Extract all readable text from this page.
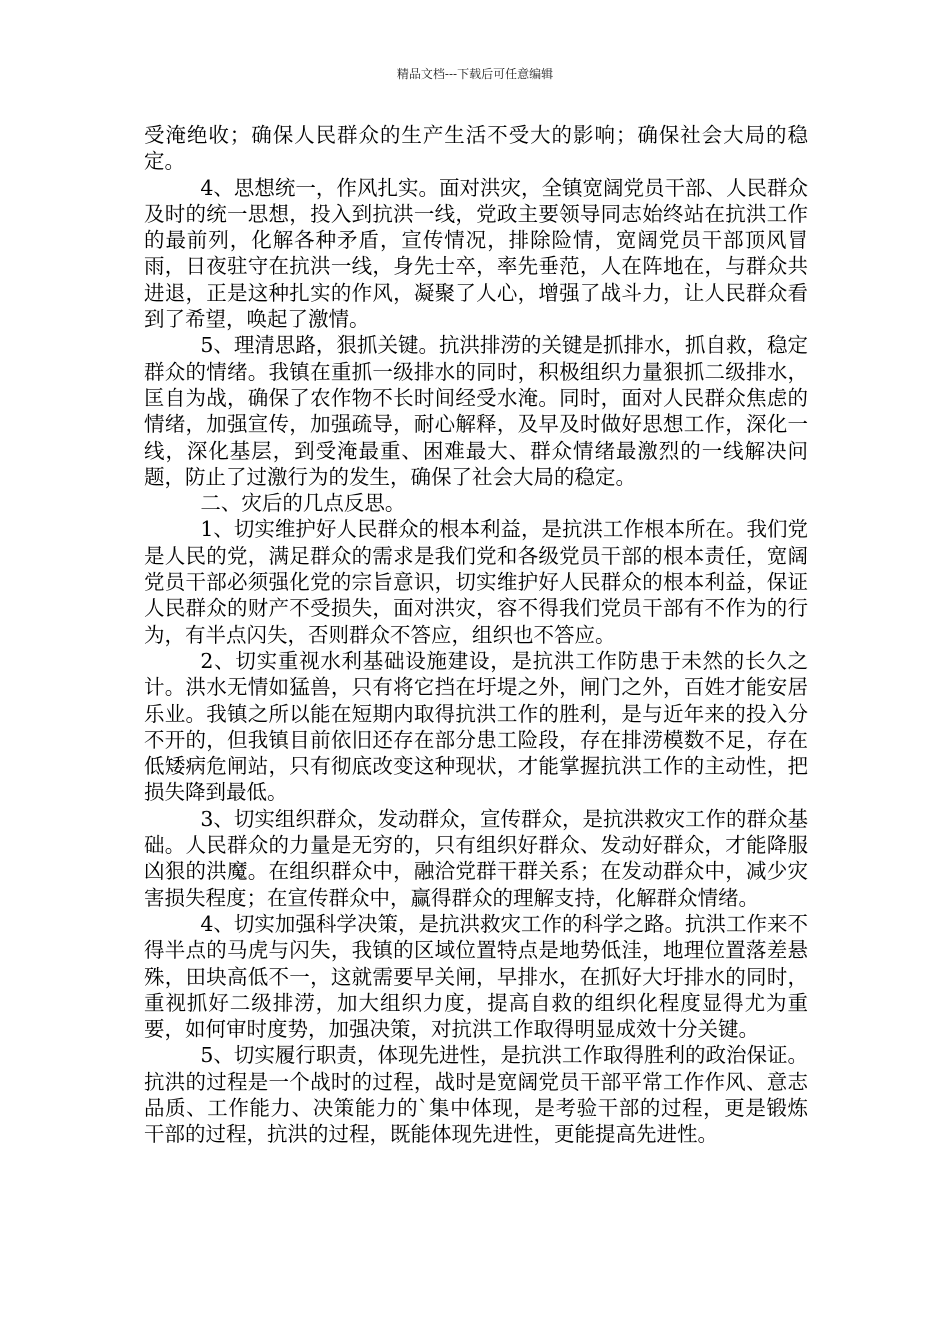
精品文档---下载后可任意编辑

受淹绝收；确保人民群众的生产生活不受大的影响；确保社会大局的稳定。

4、思想统一，作风扎实。面对洪灾，全镇宽阔党员干部、人民群众及时的统一思想，投入到抗洪一线，党政主要领导同志始终站在抗洪工作的最前列，化解各种矛盾，宣传情况，排除险情，宽阔党员干部顶风冒雨，日夜驻守在抗洪一线，身先士卒，率先垂范，人在阵地在，与群众共进退，正是这种扎实的作风，凝聚了人心，增强了战斗力，让人民群众看到了希望，唤起了激情。

5、理清思路，狠抓关键。抗洪排涝的关键是抓排水，抓自救，稳定群众的情绪。我镇在重抓一级排水的同时，积极组织力量狠抓二级排水，匡自为战，确保了农作物不长时间经受水淹。同时，面对人民群众焦虑的情绪，加强宣传，加强疏导，耐心解释，及早及时做好思想工作，深化一线，深化基层，到受淹最重、困难最大、群众情绪最激烈的一线解决问题，防止了过激行为的发生，确保了社会大局的稳定。

二、灾后的几点反思。

1、切实维护好人民群众的根本利益，是抗洪工作根本所在。我们党是人民的党，满足群众的需求是我们党和各级党员干部的根本责任，宽阔党员干部必须强化党的宗旨意识，切实维护好人民群众的根本利益，保证人民群众的财产不受损失，面对洪灾，容不得我们党员干部有不作为的行为，有半点闪失，否则群众不答应，组织也不答应。

2、切实重视水利基础设施建设，是抗洪工作防患于未然的长久之计。洪水无情如猛兽，只有将它挡在圩堤之外，闸门之外，百姓才能安居乐业。我镇之所以能在短期内取得抗洪工作的胜利，是与近年来的投入分不开的，但我镇目前依旧还存在部分患工险段，存在排涝模数不足，存在低矮病危闸站，只有彻底改变这种现状，才能掌握抗洪工作的主动性，把损失降到最低。

3、切实组织群众，发动群众，宣传群众，是抗洪救灾工作的群众基础。人民群众的力量是无穷的，只有组织好群众、发动好群众，才能降服凶狠的洪魔。在组织群众中，融洽党群干群关系；在发动群众中，减少灾害损失程度；在宣传群众中，赢得群众的理解支持，化解群众情绪。

4、切实加强科学决策，是抗洪救灾工作的科学之路。抗洪工作来不得半点的马虎与闪失，我镇的区域位置特点是地势低洼，地理位置落差悬殊，田块高低不一，这就需要早关闸，早排水，在抓好大圩排水的同时，重视抓好二级排涝，加大组织力度，提高自救的组织化程度显得尤为重要，如何审时度势，加强决策，对抗洪工作取得明显成效十分关键。

5、切实履行职责，体现先进性，是抗洪工作取得胜利的政治保证。抗洪的过程是一个战时的过程，战时是宽阔党员干部平常工作作风、意志品质、工作能力、决策能力的`集中体现，是考验干部的过程，更是锻炼干部的过程，抗洪的过程，既能体现先进性，更能提高先进性。
